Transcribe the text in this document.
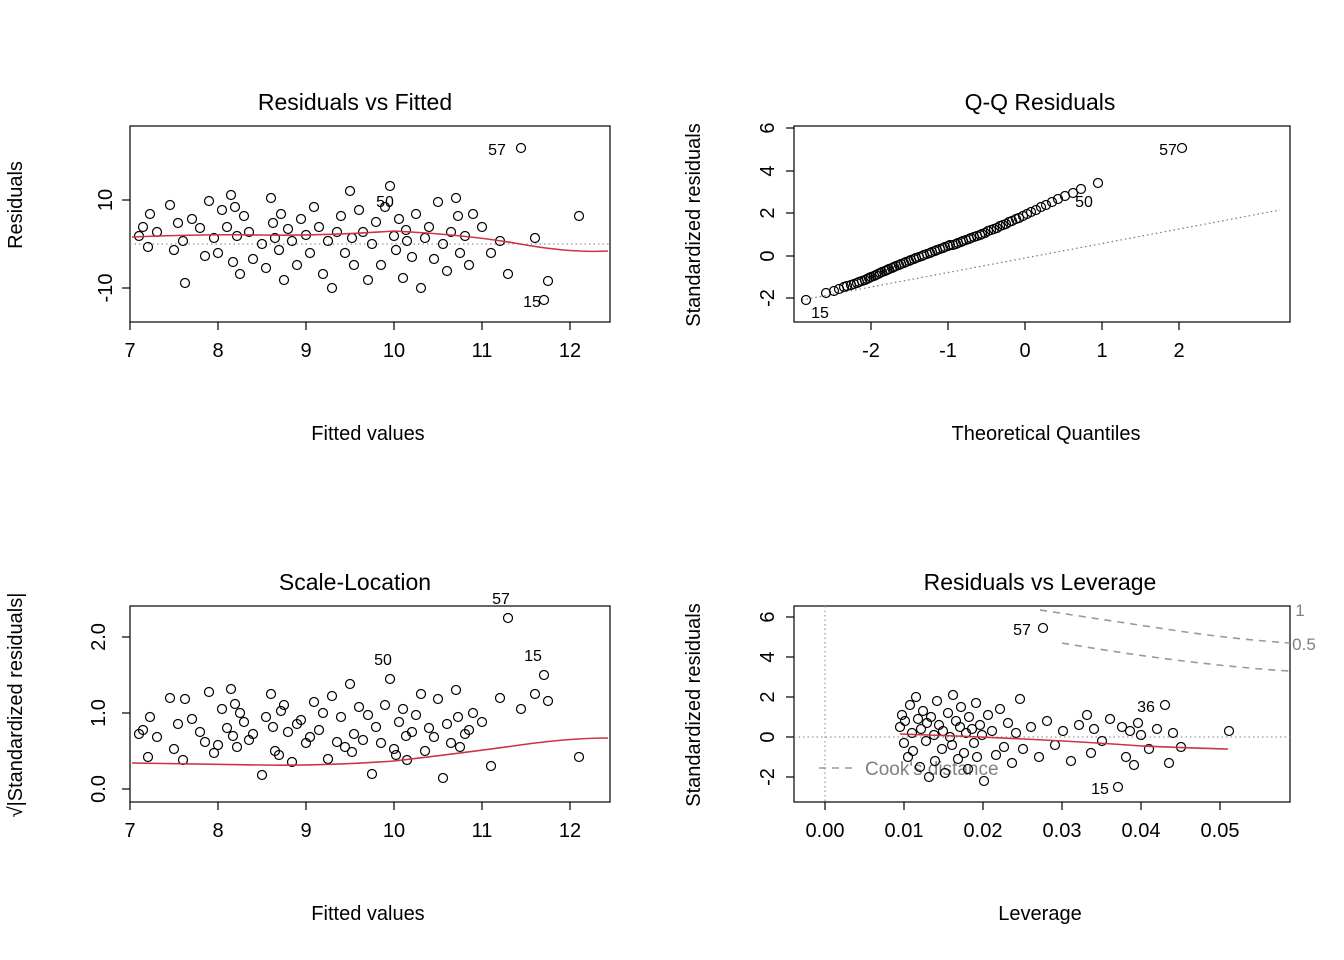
Residuals vs Fitted
Fitted values
Residuals
7	8	9	10	11	12
-10
10
57
50
15
Q-Q Residuals
Theoretical Quantiles
Standardized residuals
-2	-1	0	1	2
-2
0
2
4
6
57
50
15
Scale-Location
Fitted values
√|Standardized residuals|
7	8	9	10	11	12
0.0
1.0
2.0
57
50	15
Residuals vs Leverage
Leverage
Standardized residuals
0.00 0.01 0.02 0.03 0.04 0.05
-2
0
2
4
6
Cook's distance
1
0.5
57
36
15
